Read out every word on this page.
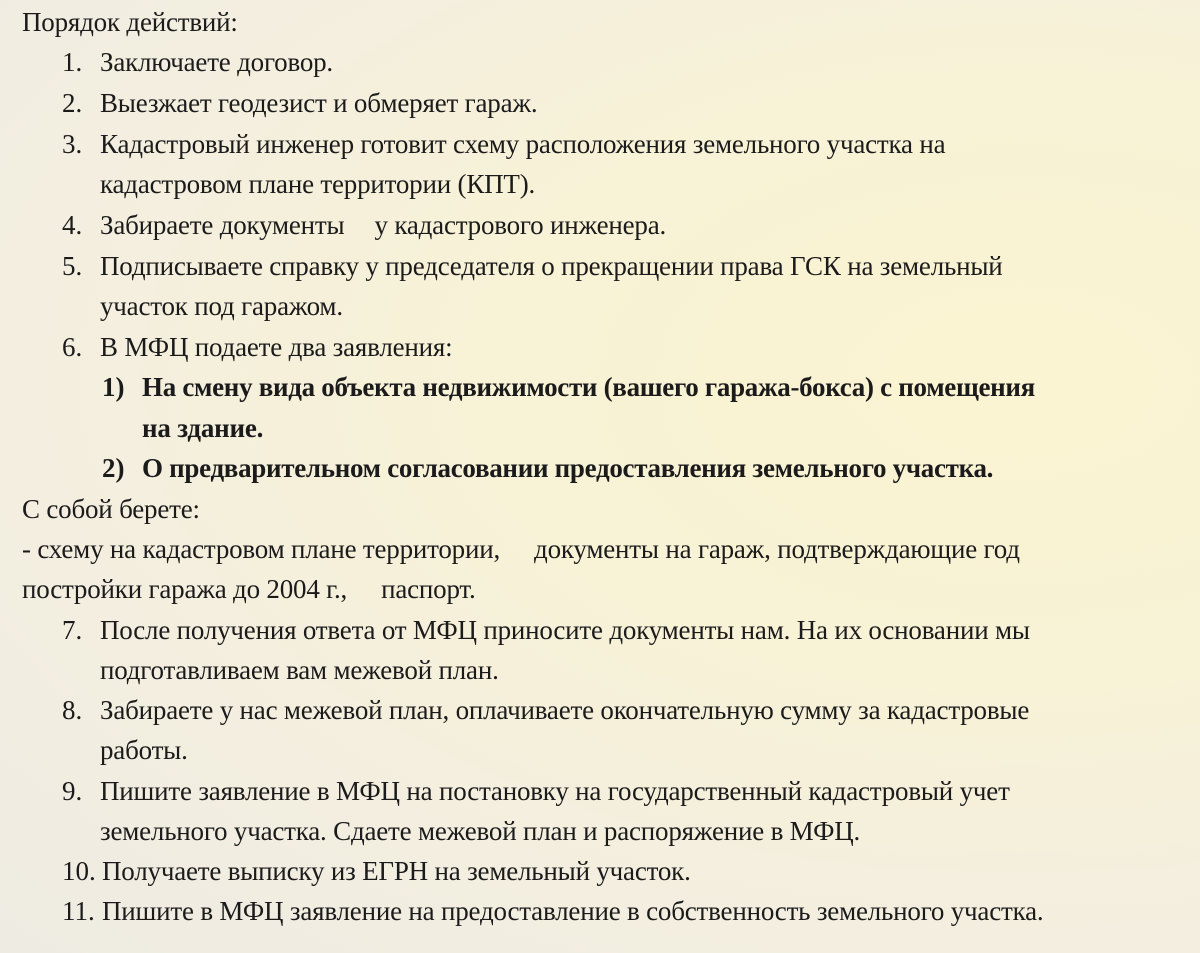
Порядок действий:
1. Заключаете договор.
2. Выезжает геодезист и обмеряет гараж.
3. Кадастровый инженер готовит схему расположения земельного участка на
кадастровом плане территории (КПТ).
4. Забираете документы у кадастрового инженера.
5. Подписываете справку у председателя о прекращении права ГСК на земельный
участок под гаражом.
6. В МФЦ подаете два заявления:
1) На смену вида объекта недвижимости (вашего гаража-бокса) с помещения
на здание.
2) О предварительном согласовании предоставления земельного участка.
С собой берете:
- схему на кадастровом плане территории, документы на гараж, подтверждающие год
постройки гаража до 2004 г., паспорт.
7. После получения ответа от МФЦ приносите документы нам. На их основании мы
подготавливаем вам межевой план.
8. Забираете у нас межевой план, оплачиваете окончательную сумму за кадастровые
работы.
9. Пишите заявление в МФЦ на постановку на государственный кадастровый учет
земельного участка. Сдаете межевой план и распоряжение в МФЦ.
10. Получаете выписку из ЕГРН на земельный участок.
11. Пишите в МФЦ заявление на предоставление в собственность земельного участка.
